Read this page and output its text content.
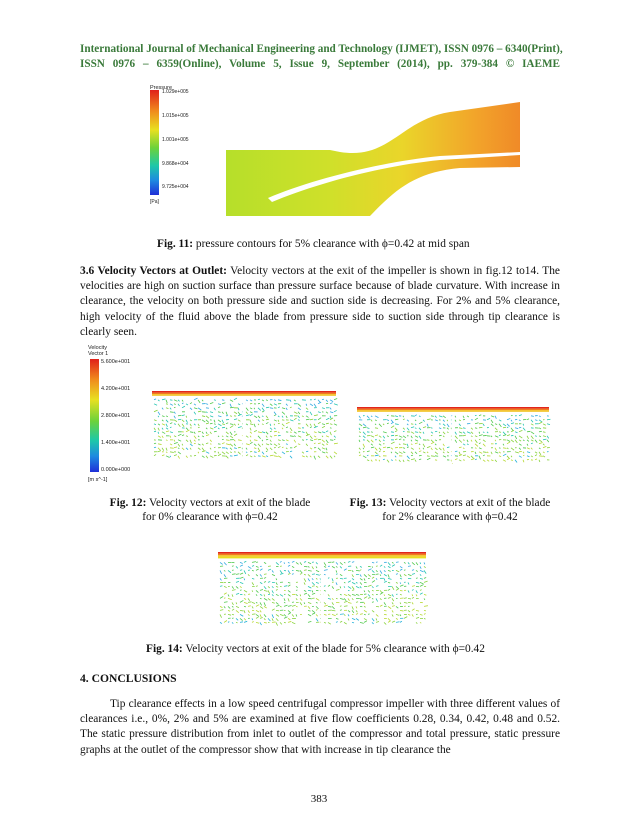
International Journal of Mechanical Engineering and Technology (IJMET), ISSN 0976 – 6340(Print),
ISSN 0976 – 6359(Online), Volume 5, Issue 9, September (2014), pp. 379-384 © IAEME
Pressure
1.029e+005
1.015e+005
1.001e+005
9.868e+004
9.725e+004
[Pa]
Fig. 11: pressure contours for 5% clearance with ϕ=0.42 at mid span
3.6 Velocity Vectors at Outlet: Velocity vectors at the exit of the impeller is shown in fig.12 to14. The velocities are high on suction surface than pressure surface because of blade curvature. With increase in clearance, the velocity on both pressure side and suction side is decreasing. For 2% and 5% clearance, high velocity of the fluid above the blade from pressure side to suction side through tip clearance is clearly seen.
Velocity
Vector 1
5.600e+001
4.200e+001
2.800e+001
1.400e+001
0.000e+000
[m s^-1]
Fig. 12: Velocity vectors at exit of the blade
for 0% clearance with ϕ=0.42
Fig. 13: Velocity vectors at exit of the blade
for 2% clearance with ϕ=0.42
Fig. 14: Velocity vectors at exit of the blade for 5% clearance with ϕ=0.42
4. CONCLUSIONS
Tip clearance effects in a low speed centrifugal compressor impeller with three different values of clearances i.e., 0%, 2% and 5% are examined at five flow coefficients 0.28, 0.34, 0.42, 0.48 and 0.52. The static pressure distribution from inlet to outlet of the compressor and total pressure, static pressure graphs at the outlet of the compressor show that with increase in tip clearance the
383
